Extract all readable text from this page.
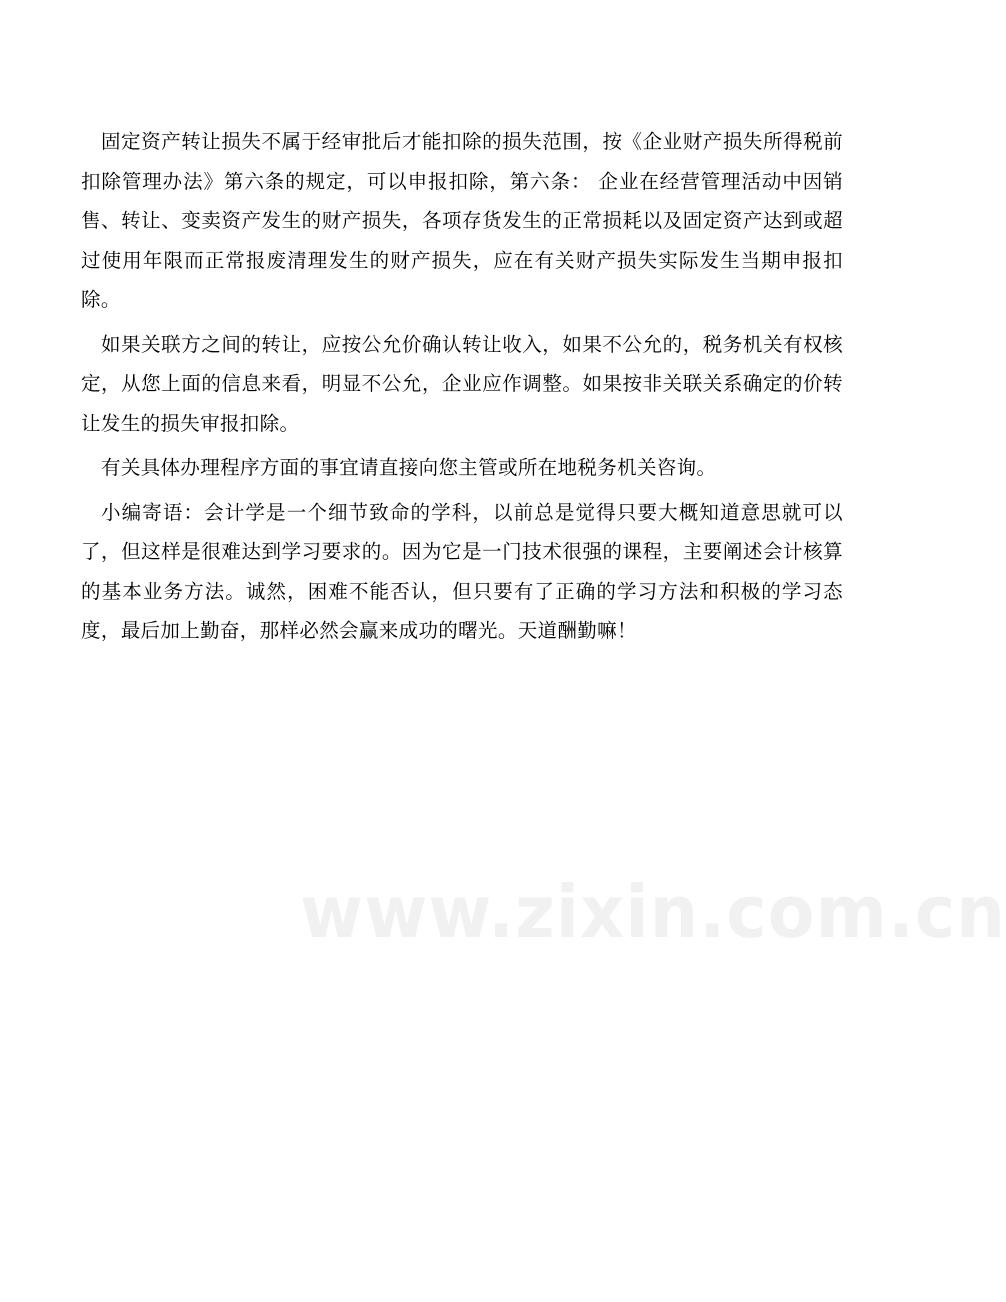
固定资产转让损失不属于经审批后才能扣除的损失范围，按《企业财产损失所得税前扣除管理办法》第六条的规定，可以申报扣除，第六条： 企业在经营管理活动中因销售、转让、变卖资产发生的财产损失，各项存货发生的正常损耗以及固定资产达到或超过使用年限而正常报废清理发生的财产损失，应在有关财产损失实际发生当期申报扣除。

如果关联方之间的转让，应按公允价确认转让收入，如果不公允的，税务机关有权核定，从您上面的信息来看，明显不公允，企业应作调整。如果按非关联关系确定的价转让发生的损失审报扣除。

有关具体办理程序方面的事宜请直接向您主管或所在地税务机关咨询。

小编寄语：会计学是一个细节致命的学科，以前总是觉得只要大概知道意思就可以了，但这样是很难达到学习要求的。因为它是一门技术很强的课程，主要阐述会计核算的基本业务方法。诚然，困难不能否认，但只要有了正确的学习方法和积极的学习态度，最后加上勤奋，那样必然会赢来成功的曙光。天道酬勤嘛！

www.zixin.com.cn
